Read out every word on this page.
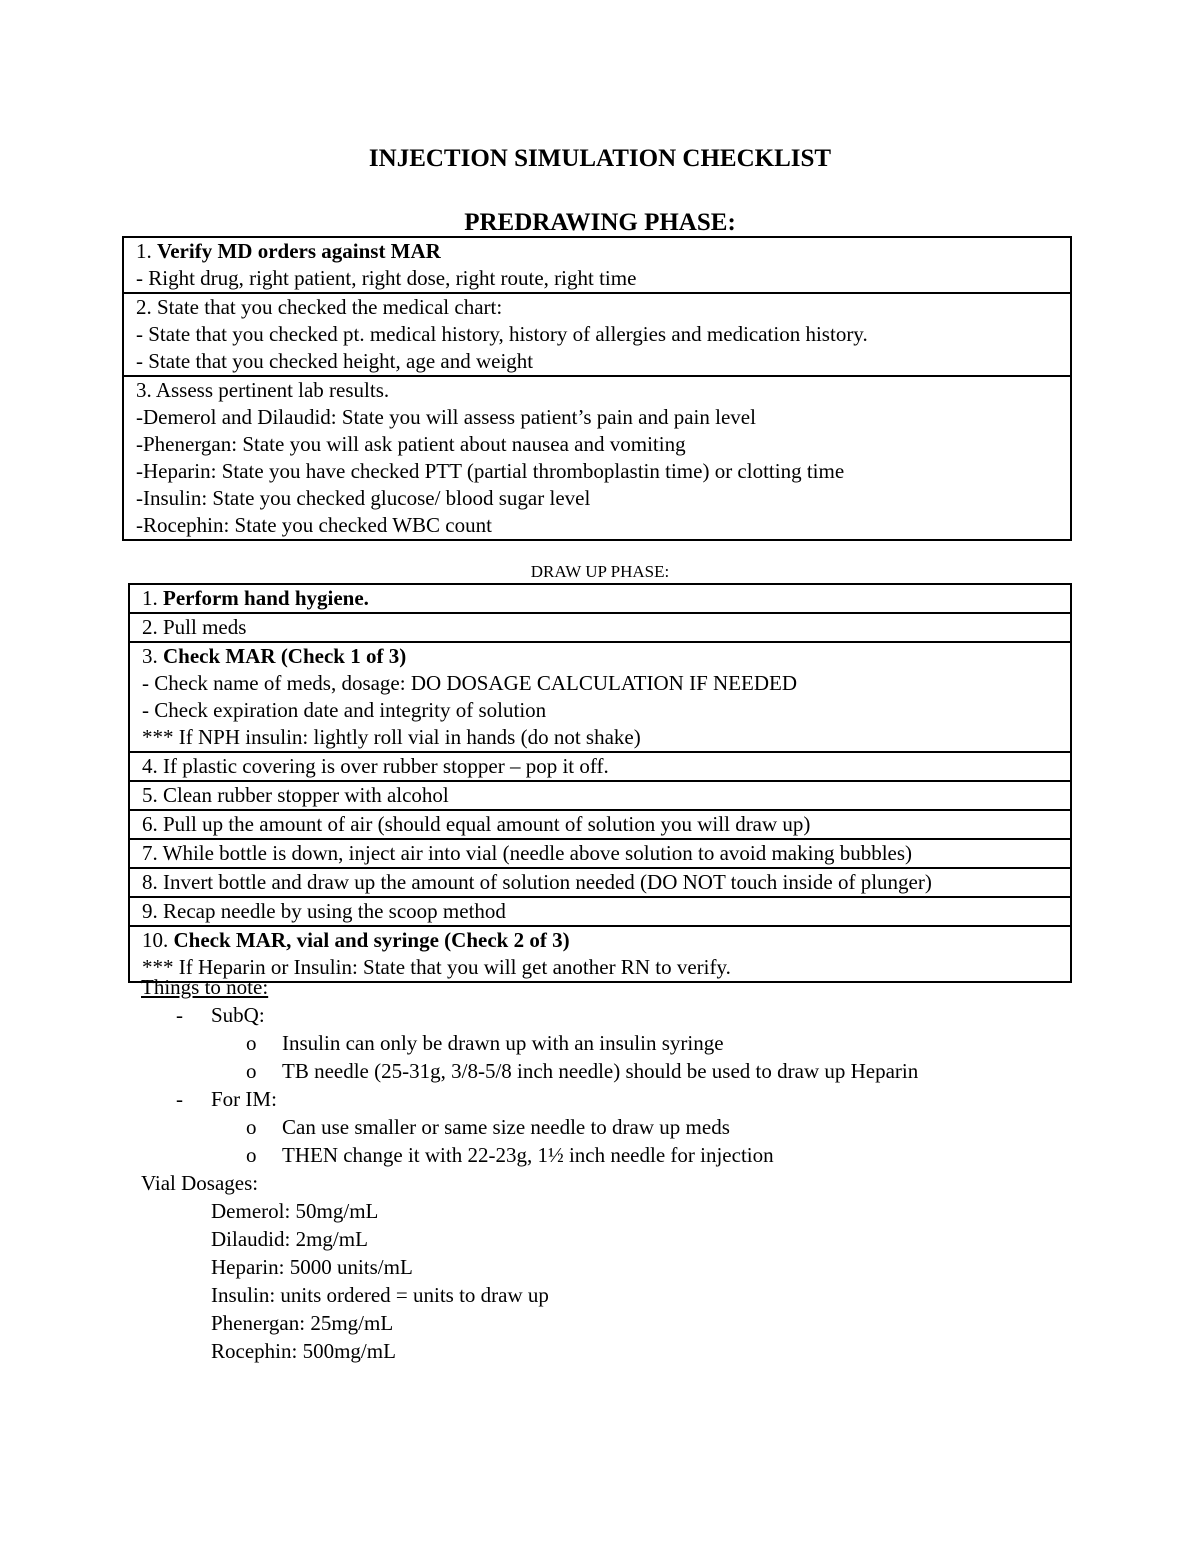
INJECTION SIMULATION CHECKLIST
PREDRAWING PHASE:
1. Verify MD orders against MAR
- Right drug, right patient, right dose, right route, right time
2. State that you checked the medical chart:
- State that you checked pt. medical history, history of allergies and medication history.
- State that you checked height, age and weight
3. Assess pertinent lab results.
-Demerol and Dilaudid: State you will assess patient’s pain and pain level
-Phenergan: State you will ask patient about nausea and vomiting
-Heparin: State you have checked PTT (partial thromboplastin time) or clotting time
-Insulin: State you checked glucose/ blood sugar level
-Rocephin: State you checked WBC count
DRAW UP PHASE:
1. Perform hand hygiene.
2. Pull meds
3. Check MAR (Check 1 of 3)
- Check name of meds, dosage: DO DOSAGE CALCULATION IF NEEDED
- Check expiration date and integrity of solution
*** If NPH insulin: lightly roll vial in hands (do not shake)
4. If plastic covering is over rubber stopper – pop it off.
5. Clean rubber stopper with alcohol
6. Pull up the amount of air (should equal amount of solution you will draw up)
7. While bottle is down, inject air into vial (needle above solution to avoid making bubbles)
8. Invert bottle and draw up the amount of solution needed (DO NOT touch inside of plunger)
9. Recap needle by using the scoop method
10. Check MAR, vial and syringe (Check 2 of 3)
*** If Heparin or Insulin: State that you will get another RN to verify.
Things to note:
- SubQ:
o Insulin can only be drawn up with an insulin syringe
o TB needle (25-31g, 3/8-5/8 inch needle) should be used to draw up Heparin
- For IM:
o Can use smaller or same size needle to draw up meds
o THEN change it with 22-23g, 1½ inch needle for injection
Vial Dosages:
Demerol: 50mg/mL
Dilaudid: 2mg/mL
Heparin: 5000 units/mL
Insulin: units ordered = units to draw up
Phenergan: 25mg/mL
Rocephin: 500mg/mL
